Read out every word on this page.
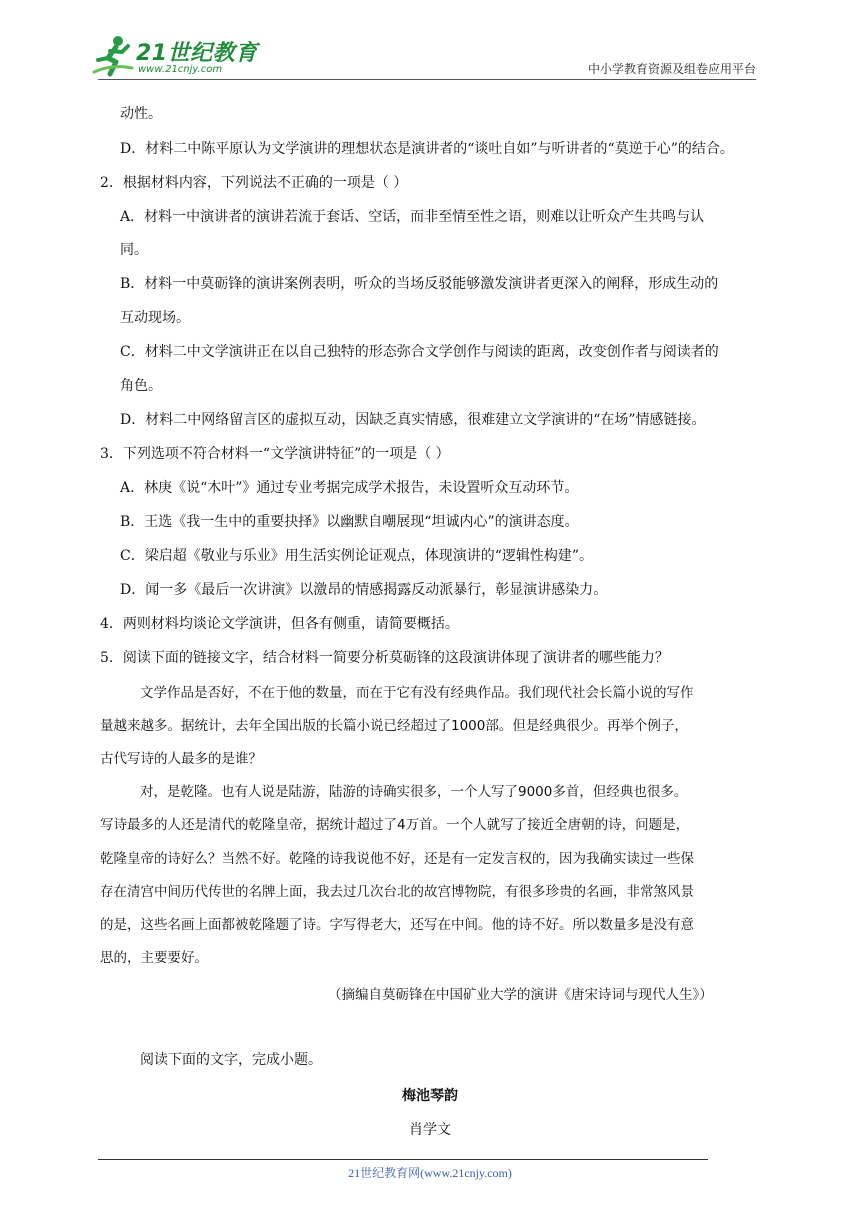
21世纪教育
www.21cnjy.com	中小学教育资源及组卷应用平台
动性。
D．材料二中陈平原认为文学演讲的理想状态是演讲者的“谈吐自如”与听讲者的“莫逆于心”的结合。
2．根据材料内容，下列说法不正确的一项是（ ）
A．材料一中演讲者的演讲若流于套话、空话，而非至情至性之语，则难以让听众产生共鸣与认
同。
B．材料一中莫砺锋的演讲案例表明，听众的当场反驳能够激发演讲者更深入的阐释，形成生动的
互动现场。
C．材料二中文学演讲正在以自己独特的形态弥合文学创作与阅读的距离，改变创作者与阅读者的
角色。
D．材料二中网络留言区的虚拟互动，因缺乏真实情感，很难建立文学演讲的“在场”情感链接。
3．下列选项不符合材料一“文学演讲特征”的一项是（ ）
A．林庚《说“木叶”》通过专业考据完成学术报告，未设置听众互动环节。
B．王选《我一生中的重要抉择》以幽默自嘲展现“坦诚内心”的演讲态度。
C．梁启超《敬业与乐业》用生活实例论证观点，体现演讲的“逻辑性构建”。
D．闻一多《最后一次讲演》以激昂的情感揭露反动派暴行，彰显演讲感染力。
4．两则材料均谈论文学演讲，但各有侧重，请简要概括。
5．阅读下面的链接文字，结合材料一简要分析莫砺锋的这段演讲体现了演讲者的哪些能力？
文学作品是否好，不在于他的数量，而在于它有没有经典作品。我们现代社会长篇小说的写作
量越来越多。据统计，去年全国出版的长篇小说已经超过了1000部。但是经典很少。再举个例子，
古代写诗的人最多的是谁？
对，是乾隆。也有人说是陆游，陆游的诗确实很多，一个人写了9000多首，但经典也很多。
写诗最多的人还是清代的乾隆皇帝，据统计超过了4万首。一个人就写了接近全唐朝的诗，问题是，
乾隆皇帝的诗好么？当然不好。乾隆的诗我说他不好，还是有一定发言权的，因为我确实读过一些保
存在清宫中间历代传世的名牌上面，我去过几次台北的故宫博物院，有很多珍贵的名画，非常煞风景
的是，这些名画上面都被乾隆题了诗。字写得老大，还写在中间。他的诗不好。所以数量多是没有意
思的，主要要好。
（摘编自莫砺锋在中国矿业大学的演讲《唐宋诗词与现代人生》）
阅读下面的文字，完成小题。
梅池琴韵
肖学文
21世纪教育网(www.21cnjy.com)
